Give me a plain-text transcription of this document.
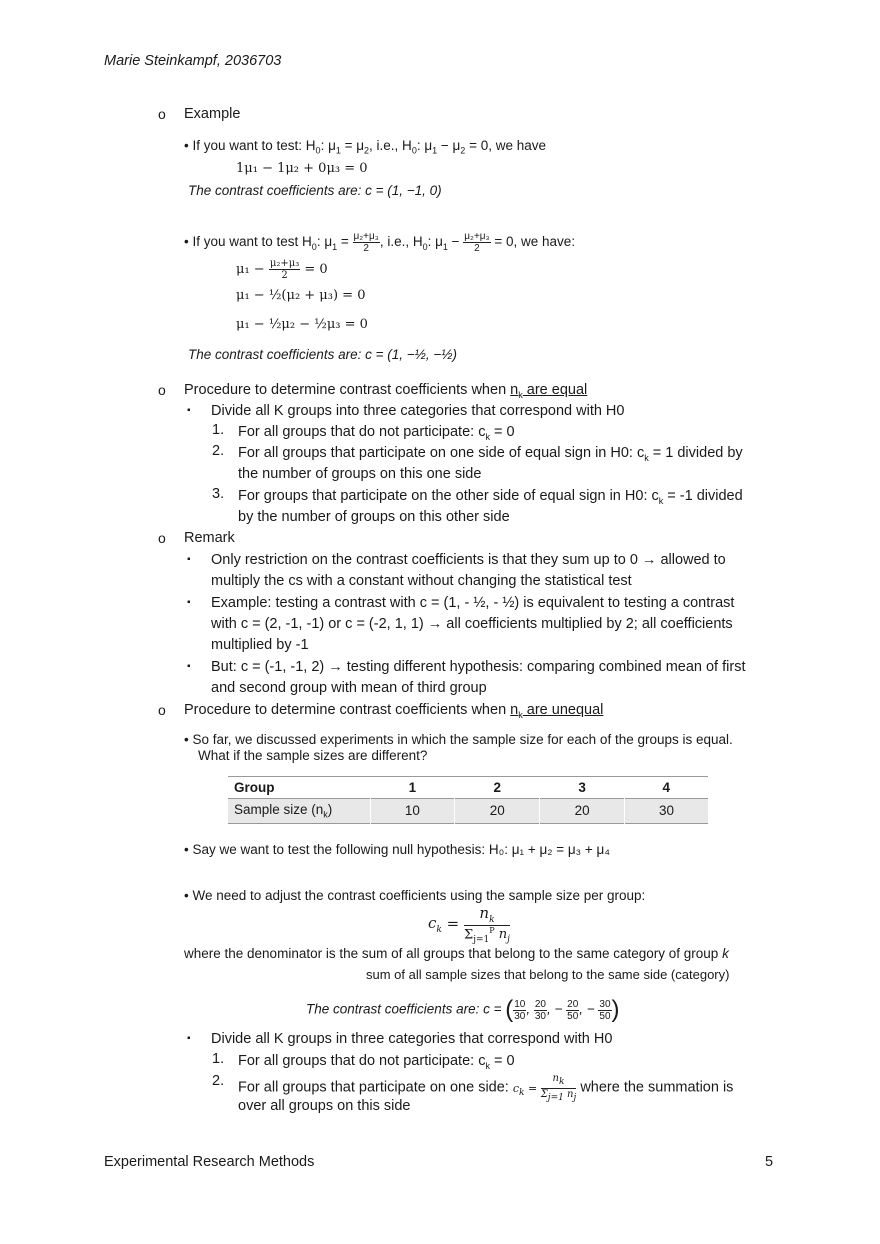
Marie Steinkampf, 2036703
o Example
• If you want to test: $H_0$: $\mu_1 = \mu_2$, i.e., $H_0$: $\mu_1 - \mu_2 = 0$, we have
1μ₁ − 1μ₂ + 0μ₃ = 0
The contrast coefficients are: c = (1, −1, 0)
• If you want to test $H_0$: $\mu_1 = \frac{\text{μ₂+μ₃}}{2}$ , i.e., $H_0$: $\mu_1 - \frac{\text{μ₂+μ₃}}{2} = 0$, we have:
$\mu_1 - \frac{\text{μ₂+μ₃}}{2} = 0$
μ₁ − ½(μ₂ + μ₃) = 0
μ₁ − ½μ₂ − ½μ₃ = 0
The contrast coefficients are: c = (1, −½, −½)
o Procedure to determine contrast coefficients when $n_k$ are equal
▪ Divide all K groups into three categories that correspond with H0
1. For all groups that do not participate: $c_k = 0$
2. For all groups that participate on one side of equal sign in H0: $c_k = 1$ divided by
the number of groups on this one side
3. For groups that participate on the other side of equal sign in H0: $c_k = -1$ divided
by the number of groups on this other side
o Remark
▪ Only restriction on the contrast coefficients is that they sum up to 0 → allowed to
multiply the cs with a constant without changing the statistical test
▪ Example: testing a contrast with c = (1, - ½, - ½) is equivalent to testing a contrast
with c = (2, -1, -1) or c = (-2, 1, 1) → all coefficients multiplied by 2; all coefficients
multiplied by -1
▪ But: c = (-1, -1, 2) → testing different hypothesis: comparing combined mean of first
and second group with mean of third group
o Procedure to determine contrast coefficients when $n_k$ are unequal
• So far, we discussed experiments in which the sample size for each of the groups is equal.
What if the sample sizes are different?
Group	1	2	3	4
Sample size $(n_k)$	10	20	20	30
• Say we want to test the following null hypothesis: H₀: μ₁ + μ₂ = μ₃ + μ₄
• We need to adjust the contrast coefficients using the sample size per group:
$c_k = \frac{n_k}{\Sigma_{j=1}^P n_j}$
where the denominator is the sum of all groups that belong to the same category of group k
sum of all sample sizes that belong to the same side (category)
The contrast coefficients are: c = ( $\frac{10}{30}$ , $\frac{20}{30}$ , − $\frac{20}{50}$ , − $\frac{30}{50}$ )
▪ Divide all K groups in three categories that correspond with H0
1. For all groups that do not participate: $c_k = 0$
2. For all groups that participate on one side: $c_k = \frac{n_k}{\Sigma_{j=1} n_j}$ where the summation is
over all groups on this side
Experimental Research Methods	5
